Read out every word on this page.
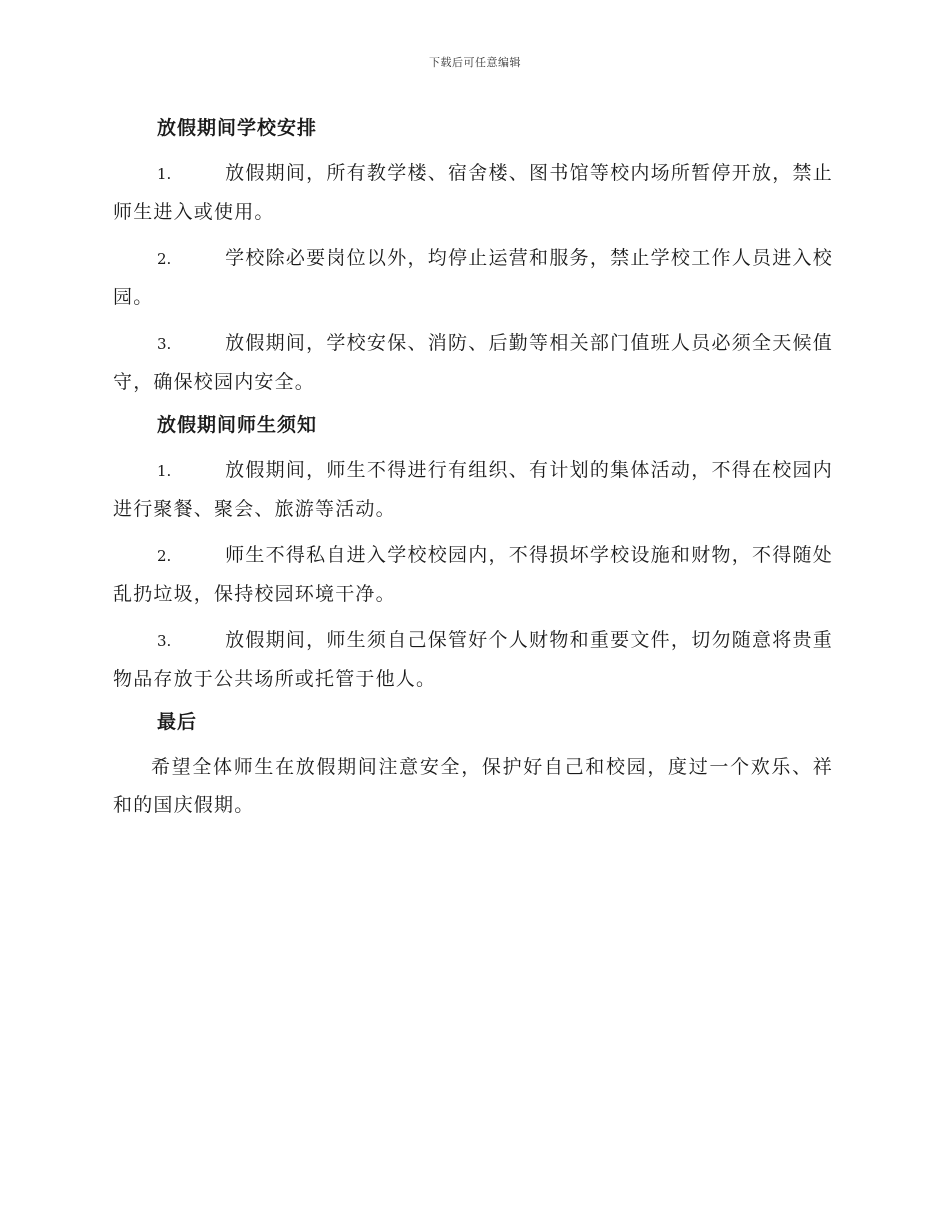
下载后可任意编辑
放假期间学校安排

1.	放假期间，所有教学楼、宿舍楼、图书馆等校内场所暂停开放，禁止师生进入或使用。

2.	学校除必要岗位以外，均停止运营和服务，禁止学校工作人员进入校园。

3.	放假期间，学校安保、消防、后勤等相关部门值班人员必须全天候值守，确保校园内安全。

放假期间师生须知

1.	放假期间，师生不得进行有组织、有计划的集体活动，不得在校园内进行聚餐、聚会、旅游等活动。

2.	师生不得私自进入学校校园内，不得损坏学校设施和财物，不得随处乱扔垃圾，保持校园环境干净。

3.	放假期间，师生须自己保管好个人财物和重要文件，切勿随意将贵重物品存放于公共场所或托管于他人。

最后

希望全体师生在放假期间注意安全，保护好自己和校园，度过一个欢乐、祥和的国庆假期。
